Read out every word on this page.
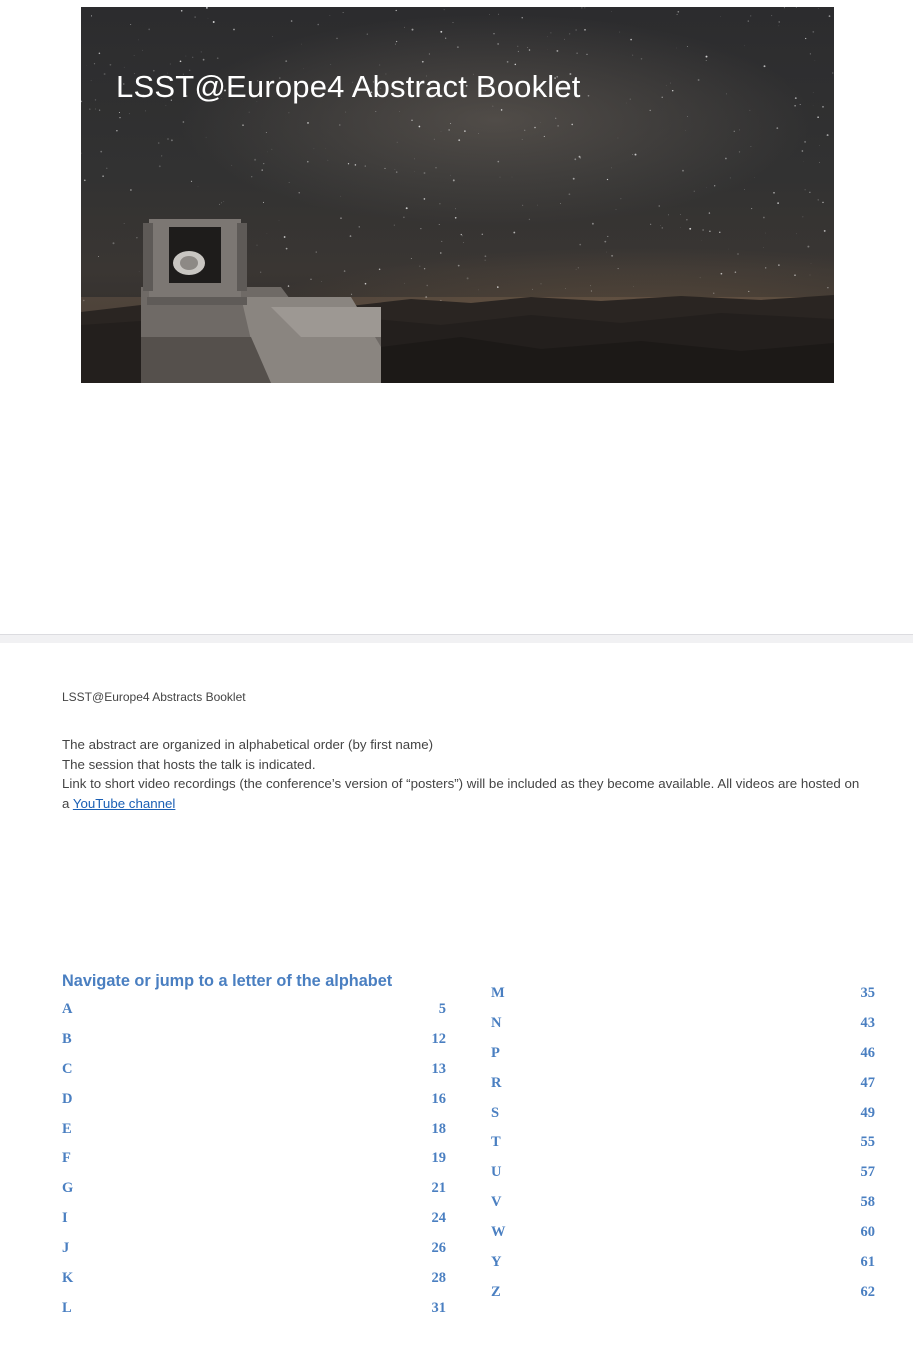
LSST@Europe4 Abstract Booklet
LSST@Europe4 Abstracts Booklet

The abstract are organized in alphabetical order (by first name)

The session that hosts the talk is indicated.

Link to short video recordings (the conference’s version of “posters”) will be included as they become available. All videos are hosted on a YouTube channel

Navigate or jump to a letter of the alphabet
A	5
B	12
C	13
D	16
E	18
F	19
G	21
I	24
J	26
K	28
L	31
M	35
N	43
P	46
R	47
S	49
T	55
U	57
V	58
W	60
Y	61
Z	62
